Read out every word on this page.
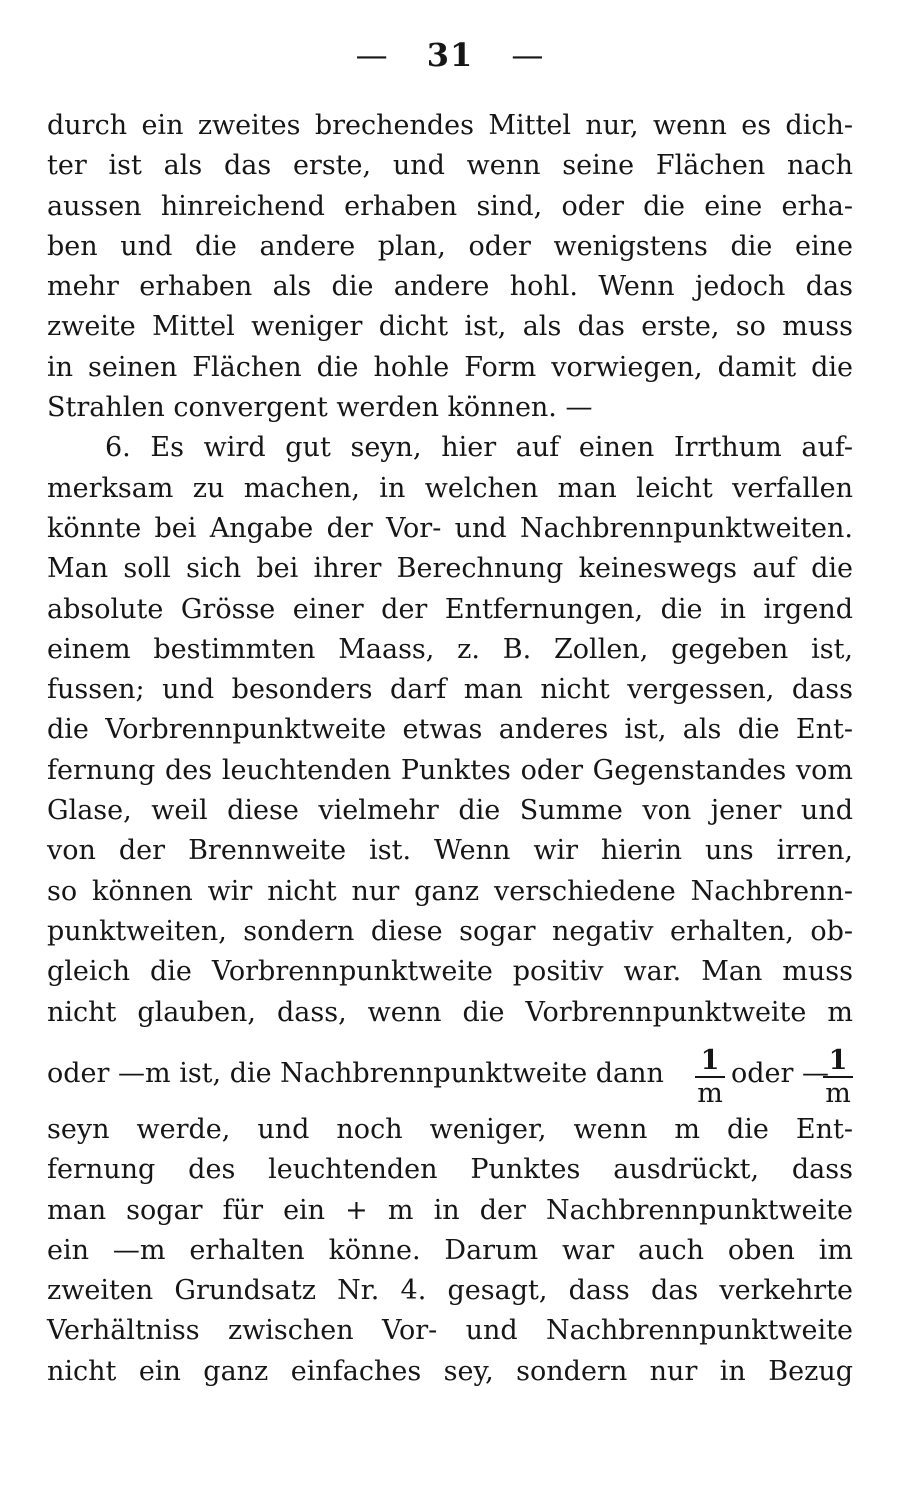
— 31 —
durch ein zweites brechendes Mittel nur, wenn es dich-
ter ist als das erste, und wenn seine Flächen nach
aussen hinreichend erhaben sind, oder die eine erha-
ben und die andere plan, oder wenigstens die eine
mehr erhaben als die andere hohl. Wenn jedoch das
zweite Mittel weniger dicht ist, als das erste, so muss
in seinen Flächen die hohle Form vorwiegen, damit die
Strahlen convergent werden können. —
6. Es wird gut seyn, hier auf einen Irrthum auf-
merksam zu machen, in welchen man leicht verfallen
könnte bei Angabe der Vor- und Nachbrennpunktweiten.
Man soll sich bei ihrer Berechnung keineswegs auf die
absolute Grösse einer der Entfernungen, die in irgend
einem bestimmten Maass, z. B. Zollen, gegeben ist,
fussen; und besonders darf man nicht vergessen, dass
die Vorbrennpunktweite etwas anderes ist, als die Ent-
fernung des leuchtenden Punktes oder Gegenstandes vom
Glase, weil diese vielmehr die Summe von jener und
von der Brennweite ist. Wenn wir hierin uns irren,
so können wir nicht nur ganz verschiedene Nachbrenn-
punktweiten, sondern diese sogar negativ erhalten, ob-
gleich die Vorbrennpunktweite positiv war. Man muss
nicht glauben, dass, wenn die Vorbrennpunktweite m
oder —m ist, die Nachbrennpunktweite dann $\frac{1}{m}$ oder —
$\frac{1}{m}$
seyn werde, und noch weniger, wenn m die Ent-
fernung des leuchtenden Punktes ausdrückt, dass
man sogar für ein + m in der Nachbrennpunktweite
ein —m erhalten könne. Darum war auch oben im
zweiten Grundsatz Nr. 4. gesagt, dass das verkehrte
Verhältniss zwischen Vor- und Nachbrennpunktweite
nicht ein ganz einfaches sey, sondern nur in Bezug
